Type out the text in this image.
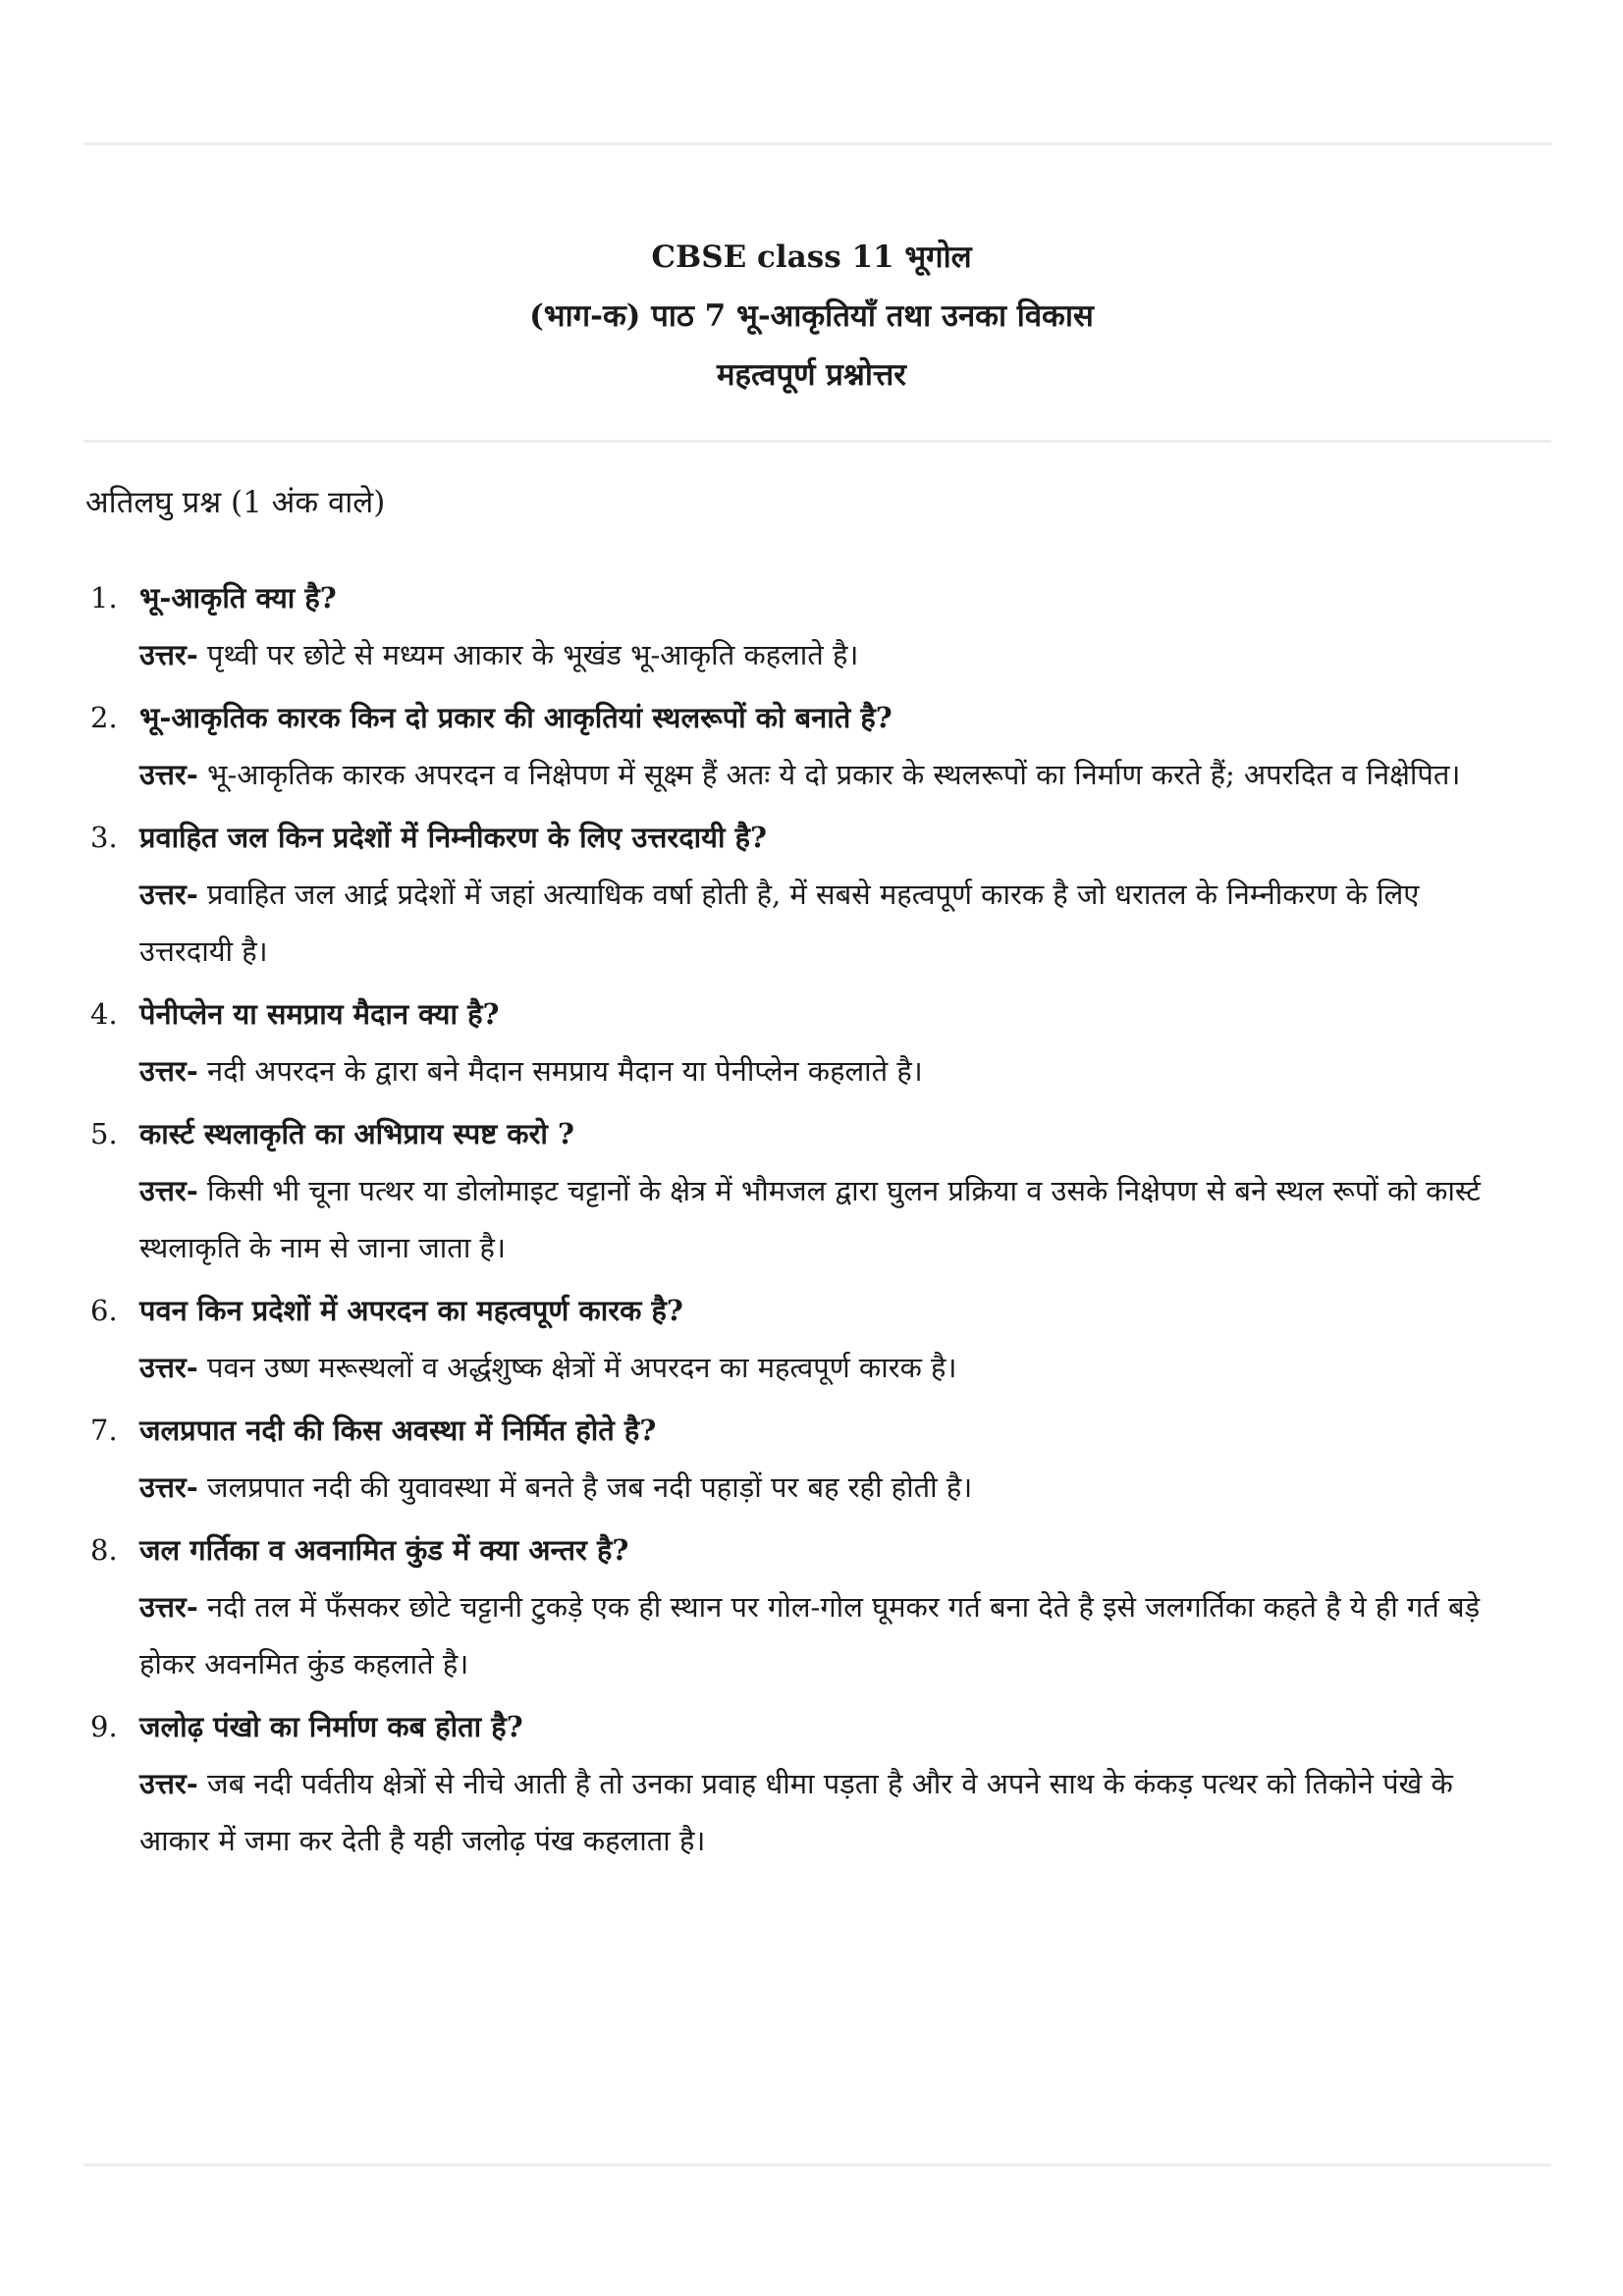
CBSE class 11 भूगोल
(भाग-क) पाठ 7 भू-आकृतियाँ तथा उनका विकास
महत्वपूर्ण प्रश्नोत्तर
अतिलघु प्रश्न (1 अंक वाले)
1. भू-आकृति क्या है?
उत्तर- पृथ्वी पर छोटे से मध्यम आकार के भूखंड भू-आकृति कहलाते है।
2. भू-आकृतिक कारक किन दो प्रकार की आकृतियां स्थलरूपों को बनाते है?
उत्तर- भू-आकृतिक कारक अपरदन व निक्षेपण में सूक्ष्म हैं अतः ये दो प्रकार के स्थलरूपों का निर्माण करते हैं; अपरदित व निक्षेपित।
3. प्रवाहित जल किन प्रदेशों में निम्नीकरण के लिए उत्तरदायी है?
उत्तर- प्रवाहित जल आर्द्र प्रदेशों में जहां अत्याधिक वर्षा होती है, में सबसे महत्वपूर्ण कारक है जो धरातल के निम्नीकरण के लिए उत्तरदायी है।
4. पेनीप्लेन या समप्राय मैदान क्या है?
उत्तर- नदी अपरदन के द्वारा बने मैदान समप्राय मैदान या पेनीप्लेन कहलाते है।
5. कार्स्ट स्थलाकृति का अभिप्राय स्पष्ट करो ?
उत्तर- किसी भी चूना पत्थर या डोलोमाइट चट्टानों के क्षेत्र में भौमजल द्वारा घुलन प्रक्रिया व उसके निक्षेपण से बने स्थल रूपों को कार्स्ट स्थलाकृति के नाम से जाना जाता है।
6. पवन किन प्रदेशों में अपरदन का महत्वपूर्ण कारक है?
उत्तर- पवन उष्ण मरूस्थलों व अर्द्धशुष्क क्षेत्रों में अपरदन का महत्वपूर्ण कारक है।
7. जलप्रपात नदी की किस अवस्था में निर्मित होते है?
उत्तर- जलप्रपात नदी की युवावस्था में बनते है जब नदी पहाड़ों पर बह रही होती है।
8. जल गर्तिका व अवनामित कुंड में क्या अन्तर है?
उत्तर- नदी तल में फँसकर छोटे चट्टानी टुकड़े एक ही स्थान पर गोल-गोल घूमकर गर्त बना देते है इसे जलगर्तिका कहते है ये ही गर्त बड़े होकर अवनमित कुंड कहलाते है।
9. जलोढ़ पंखो का निर्माण कब होता है?
उत्तर- जब नदी पर्वतीय क्षेत्रों से नीचे आती है तो उनका प्रवाह धीमा पड़ता है और वे अपने साथ के कंकड़ पत्थर को तिकोने पंखे के आकार में जमा कर देती है यही जलोढ़ पंख कहलाता है।
